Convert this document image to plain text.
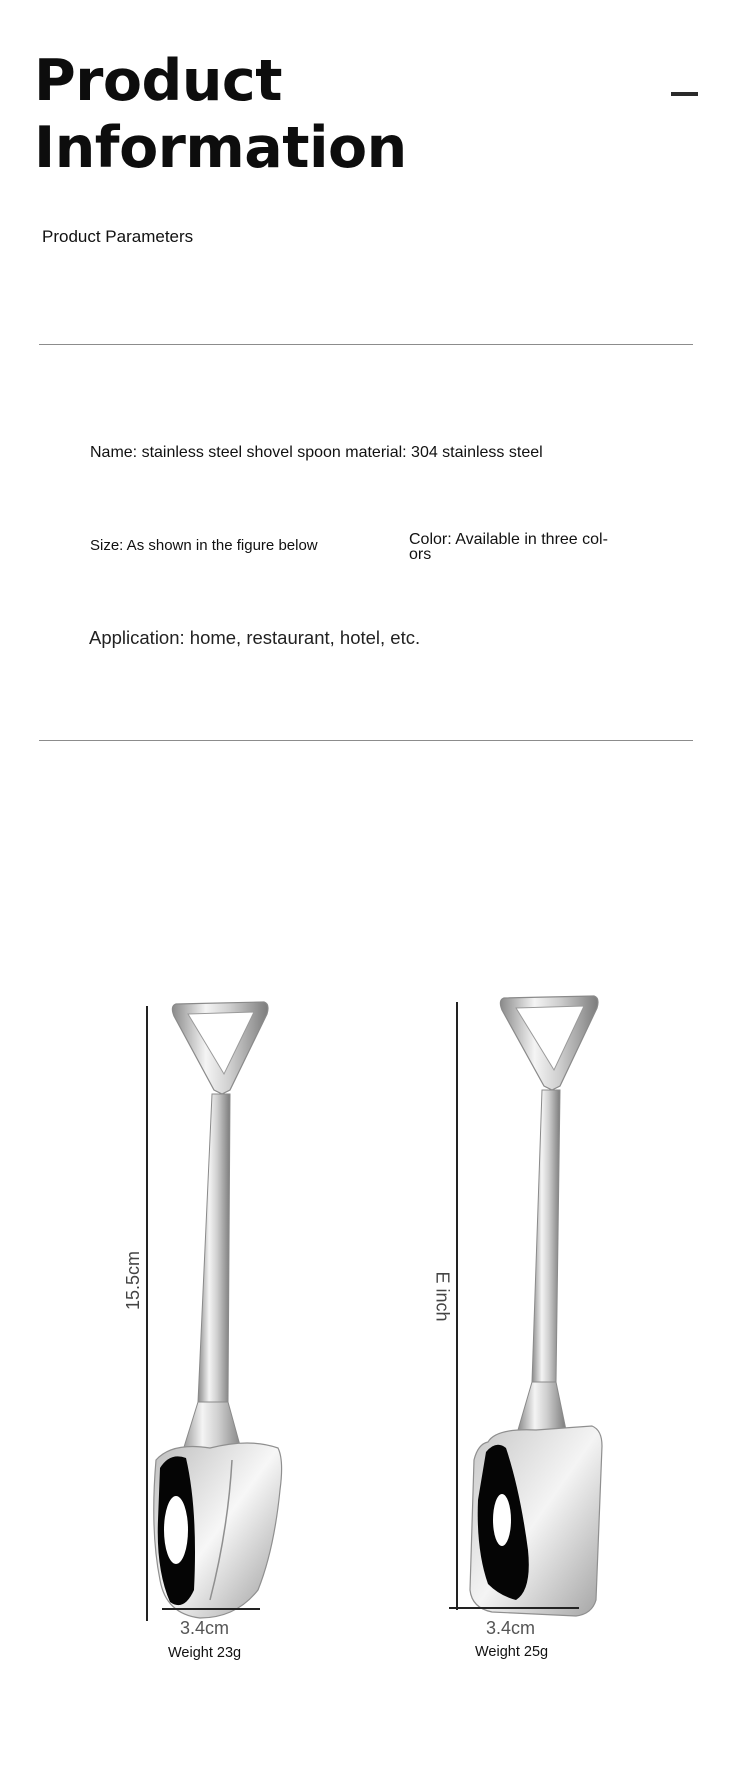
Product
Information
Product Parameters
Name: stainless steel shovel spoon material: 304 stainless steel
Size: As shown in the figure below	Color: Available in three col-
ors
Application: home, restaurant, hotel, etc.
15.5cm
3.4cm
Weight 23g
E inch
3.4cm
Weight 25g
